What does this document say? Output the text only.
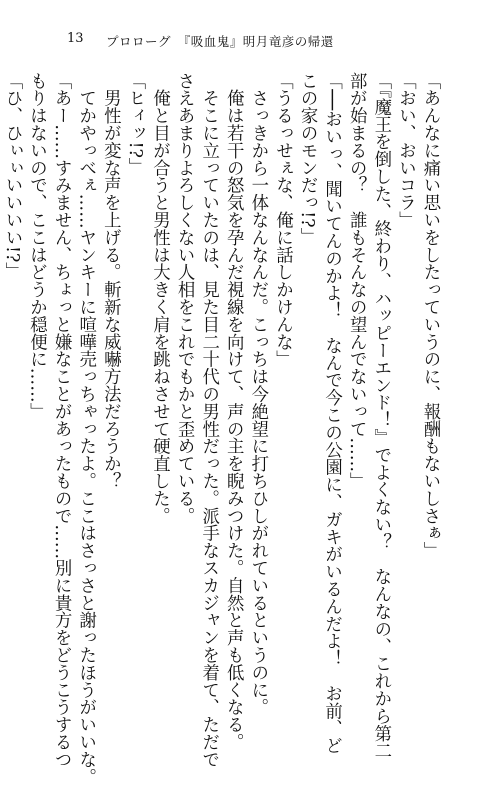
13 プロローグ　『吸血鬼』明月竜彦の帰還
「あんなに痛い思いをしたっていうのに、報酬もないしさぁ」
「おい、おいコラ」
「『魔王を倒した、終わり、ハッピーエンド！』でよくない？　なんなの、これから第二
部が始まるの？　誰もそんなの望んでないって……」
「──おいっ、聞いてんのかよ！　なんで今この公園に、ガキがいるんだよ！　お前、ど
この家のモンだっ!?」
「うるっせぇな、俺に話しかけんな」
　さっきから一体なんなんだ。こっちは今絶望に打ちひしがれているというのに。
　俺は若干の怒気を孕んだ視線を向けて、声の主を睨みつけた。自然と声も低くなる。
　そこに立っていたのは、見た目二十代の男性だった。派手なスカジャンを着て、ただで
さえあまりよろしくない人相をこれでもかと歪めている。
　俺と目が合うと男性は大きく肩を跳ねさせて硬直した。
「ヒィッ!?」
　男性が変な声を上げる。斬新な威嚇方法だろうか？
　てかやっべぇ……ヤンキーに喧嘩売っちゃったよ。ここはさっさと謝ったほうがいいな。
「あー……すみません、ちょっと嫌なことがあったもので……別に貴方をどうこうするつ
もりはないので、ここはどうか穏便に……」
「ひ、ひぃぃいいいい!?」
